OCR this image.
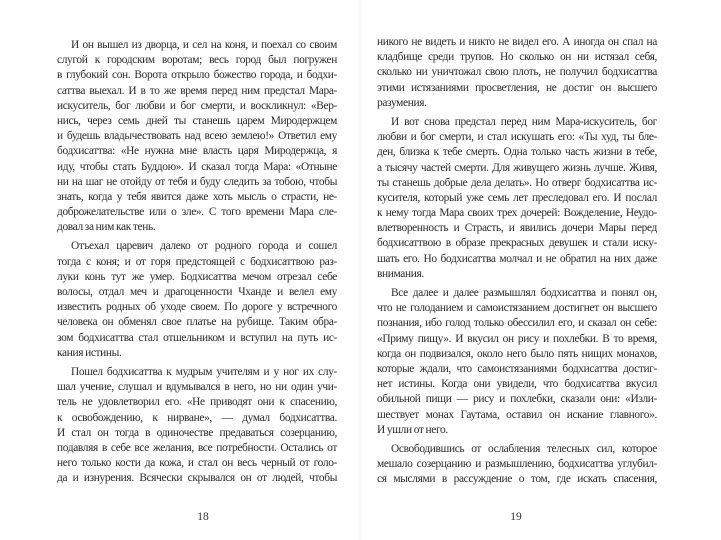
И он вышел из дворца, и сел на коня, и поехал со своим
слугой к городским воротам; весь город был погружен
в глубокий сон. Ворота открыло божество города, и бодхи-
саттва выехал. И в то же время перед ним предстал Мара-
искуситель, бог любви и бог смерти, и воскликнул: «Вер-
нись, через семь дней ты станешь царем Миродержцем
и будешь владычествовать над всею землею!» Ответил ему
бодхисаттва: «Не нужна мне власть царя Миродержца, я
иду, чтобы стать Буддою». И сказал тогда Мара: «Отныне
ни на шаг не отойду от тебя и буду следить за тобою, чтобы
знать, когда у тебя явится даже хоть мысль о страсти, не-
доброжелательстве или о зле». С того времени Мара сле-
довал за ним как тень.
Отъехал царевич далеко от родного города и сошел
тогда с коня; и от горя предстоящей с бодхисаттвою раз-
луки конь тут же умер. Бодхисаттва мечом отрезал себе
волосы, отдал меч и драгоценности Чханде и велел ему
известить родных об уходе своем. По дороге у встречного
человека он обменял свое платье на рубище. Таким обра-
зом бодхисаттва стал отшельником и вступил на путь ис-
кания истины.
Пошел бодхисаттва к мудрым учителям и у ног их слу-
шал учение, слушал и вдумывался в него, но ни один учи-
тель не удовлетворил его. «Не приводят они к спасению,
к освобождению, к нирване», — думал бодхисаттва.
И стал он тогда в одиночестве предаваться созерцанию,
подавляя в себе все желания, все потребности. Остались от
него только кости да кожа, и стал он весь черный от голо-
да и изнурения. Всячески скрывался он от людей, чтобы
18
никого не видеть и никто не видел его. А иногда он спал на
кладбище среди трупов. Но сколько он ни истязал себя,
сколько ни уничтожал свою плоть, не получил бодхисаттва
этими истязаниями просветления, не достиг он высшего
разумения.
И вот снова предстал перед ним Мара-искуситель, бог
любви и бог смерти, и стал искушать его: «Ты худ, ты бле-
ден, близка к тебе смерть. Одна только часть жизни в тебе,
а тысячу частей смерти. Для живущего жизнь лучше. Живя,
ты станешь добрые дела делать». Но отверг бодхисаттва ис-
кусителя, который уже семь лет преследовал его. И послал
к нему тогда Мара своих трех дочерей: Вожделение, Неудо-
влетворенность и Страсть, и явились дочери Мары перед
бодхисаттвою в образе прекрасных девушек и стали иску-
шать его. Но бодхисаттва молчал и не обратил на них даже
внимания.
Все далее и далее размышлял бодхисаттва и понял он,
что не голоданием и самоистязанием достигнет он высшего
познания, ибо голод только обессилил его, и сказал он себе:
«Приму пищу». И вкусил он рису и похлебки. В то время,
когда он подвизался, около него было пять нищих монахов,
которые ждали, что самоистязаниями бодхисаттва достиг-
нет истины. Когда они увидели, что бодхисаттва вкусил
обильной пищи — рису и похлебки, сказали они: «Изли-
шествует монах Гаутама, оставил он искание главного».
И ушли от него.
Освободившись от ослабления телесных сил, которое
мешало созерцанию и размышлению, бодхисаттва углубил-
ся мыслями в рассуждение о том, где искать спасения,
19
